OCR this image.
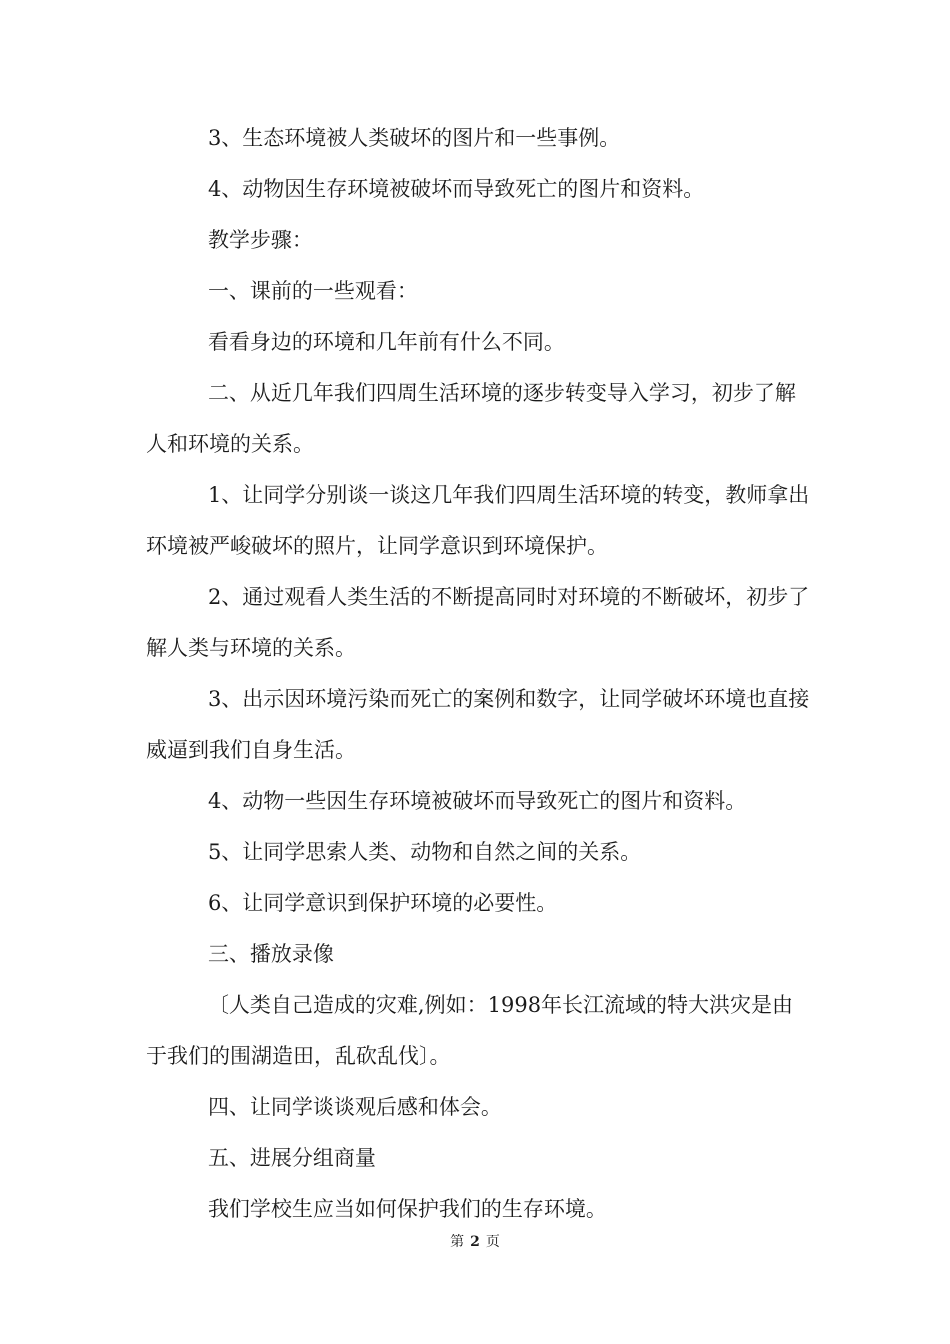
3、生态环境被人类破坏的图片和一些事例。

4、动物因生存环境被破坏而导致死亡的图片和资料。

教学步骤：

一、课前的一些观看：

看看身边的环境和几年前有什么不同。

二、从近几年我们四周生活环境的逐步转变导入学习，初步了解人和环境的关系。

1、让同学分别谈一谈这几年我们四周生活环境的转变，教师拿出环境被严峻破坏的照片，让同学意识到环境保护。

2、通过观看人类生活的不断提高同时对环境的不断破坏，初步了解人类与环境的关系。

3、出示因环境污染而死亡的案例和数字，让同学破坏环境也直接威逼到我们自身生活。

4、动物一些因生存环境被破坏而导致死亡的图片和资料。

5、让同学思索人类、动物和自然之间的关系。

6、让同学意识到保护环境的必要性。

三、播放录像

〔人类自己造成的灾难,例如：1998年长江流域的特大洪灾是由于我们的围湖造田，乱砍乱伐〕。

四、让同学谈谈观后感和体会。

五、进展分组商量

我们学校生应当如何保护我们的生存环境。

第 2 页
